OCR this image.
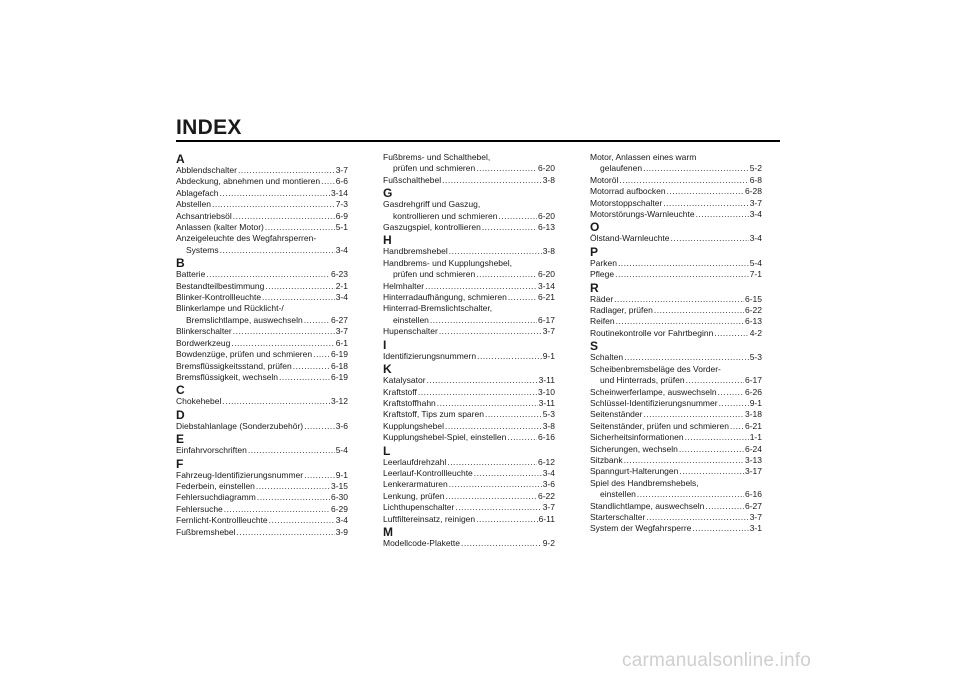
INDEX
A
Abblendschalter .....	3-7
Abdeckung, abnehmen und montieren ..... 6-6
Ablagefach .....	3-14
Abstellen .....	7-3
Achsantriebsöl .....	6-9
Anlassen (kalter Motor) .....	5-1
Anzeigeleuchte des Wegfahrsperren-
Systems .....	3-4
B
Batterie .....	6-23
Bestandteilbestimmung .....	2-1
Blinker-Kontrollleuchte .....	3-4
Blinkerlampe und Rücklicht-/
Bremslichtlampe, auswechseln .....	6-27
Blinkerschalter .....	3-7
Bordwerkzeug .....	6-1
Bowdenzüge, prüfen und schmieren ..... 6-19
Bremsflüssigkeitsstand, prüfen .....	6-18
Bremsflüssigkeit, wechseln .....	6-19
C
Chokehebel .....	3-12
D
Diebstahlanlage (Sonderzubehör) .....	3-6
E
Einfahrvorschriften .....	5-4
F
Fahrzeug-Identifizierungsnummer .....	9-1
Federbein, einstellen .....	3-15
Fehlersuchdiagramm .....	6-30
Fehlersuche .....	6-29
Fernlicht-Kontrollleuchte .....	3-4
Fußbremshebel .....	3-9
Fußbrems- und Schalthebel,
prüfen und schmieren .....	6-20
Fußschalthebel .....	3-8
G
Gasdrehgriff und Gaszug,
kontrollieren und schmieren .....	6-20
Gaszugspiel, kontrollieren .....	6-13
H
Handbremshebel .....	3-8
Handbrems- und Kupplungshebel,
prüfen und schmieren .....	6-20
Helmhalter .....	3-14
Hinterradaufhängung, schmieren .....	6-21
Hinterrad-Bremslichtschalter,
einstellen .....	6-17
Hupenschalter .....	3-7
I
Identifizierungsnummern .....	9-1
K
Katalysator .....	3-11
Kraftstoff .....	3-10
Kraftstoffhahn .....	3-11
Kraftstoff, Tips zum sparen .....	5-3
Kupplungshebel .....	3-8
Kupplungshebel-Spiel, einstellen .....	6-16
L
Leerlaufdrehzahl .....	6-12
Leerlauf-Kontrollleuchte .....	3-4
Lenkerarmaturen .....	3-6
Lenkung, prüfen .....	6-22
Lichthupenschalter .....	3-7
Luftfiltereinsatz, reinigen .....	6-11
M
Modellcode-Plakette .....	9-2
Motor, Anlassen eines warm
gelaufenen .....	5-2
Motoröl .....	6-8
Motorrad aufbocken .....	6-28
Motorstoppschalter .....	3-7
Motorstörungs-Warnleuchte .....	3-4
O
Ölstand-Warnleuchte .....	3-4
P
Parken .....	5-4
Pflege .....	7-1
R
Räder .....	6-15
Radlager, prüfen .....	6-22
Reifen .....	6-13
Routinekontrolle vor Fahrtbeginn .....	4-2
S
Schalten .....	5-3
Scheibenbremsbeläge des Vorder-
und Hinterrads, prüfen .....	6-17
Scheinwerferlampe, auswechseln .....	6-26
Schlüssel-Identifizierungsnummer .....	9-1
Seitenständer .....	3-18
Seitenständer, prüfen und schmieren ..... 6-21
Sicherheitsinformationen .....	1-1
Sicherungen, wechseln .....	6-24
Sitzbank .....	3-13
Spanngurt-Halterungen .....	3-17
Spiel des Handbremshebels,
einstellen .....	6-16
Standlichtlampe, auswechseln .....	6-27
Starterschalter .....	3-7
System der Wegfahrsperre .....	3-1
carmanualsonline.info
